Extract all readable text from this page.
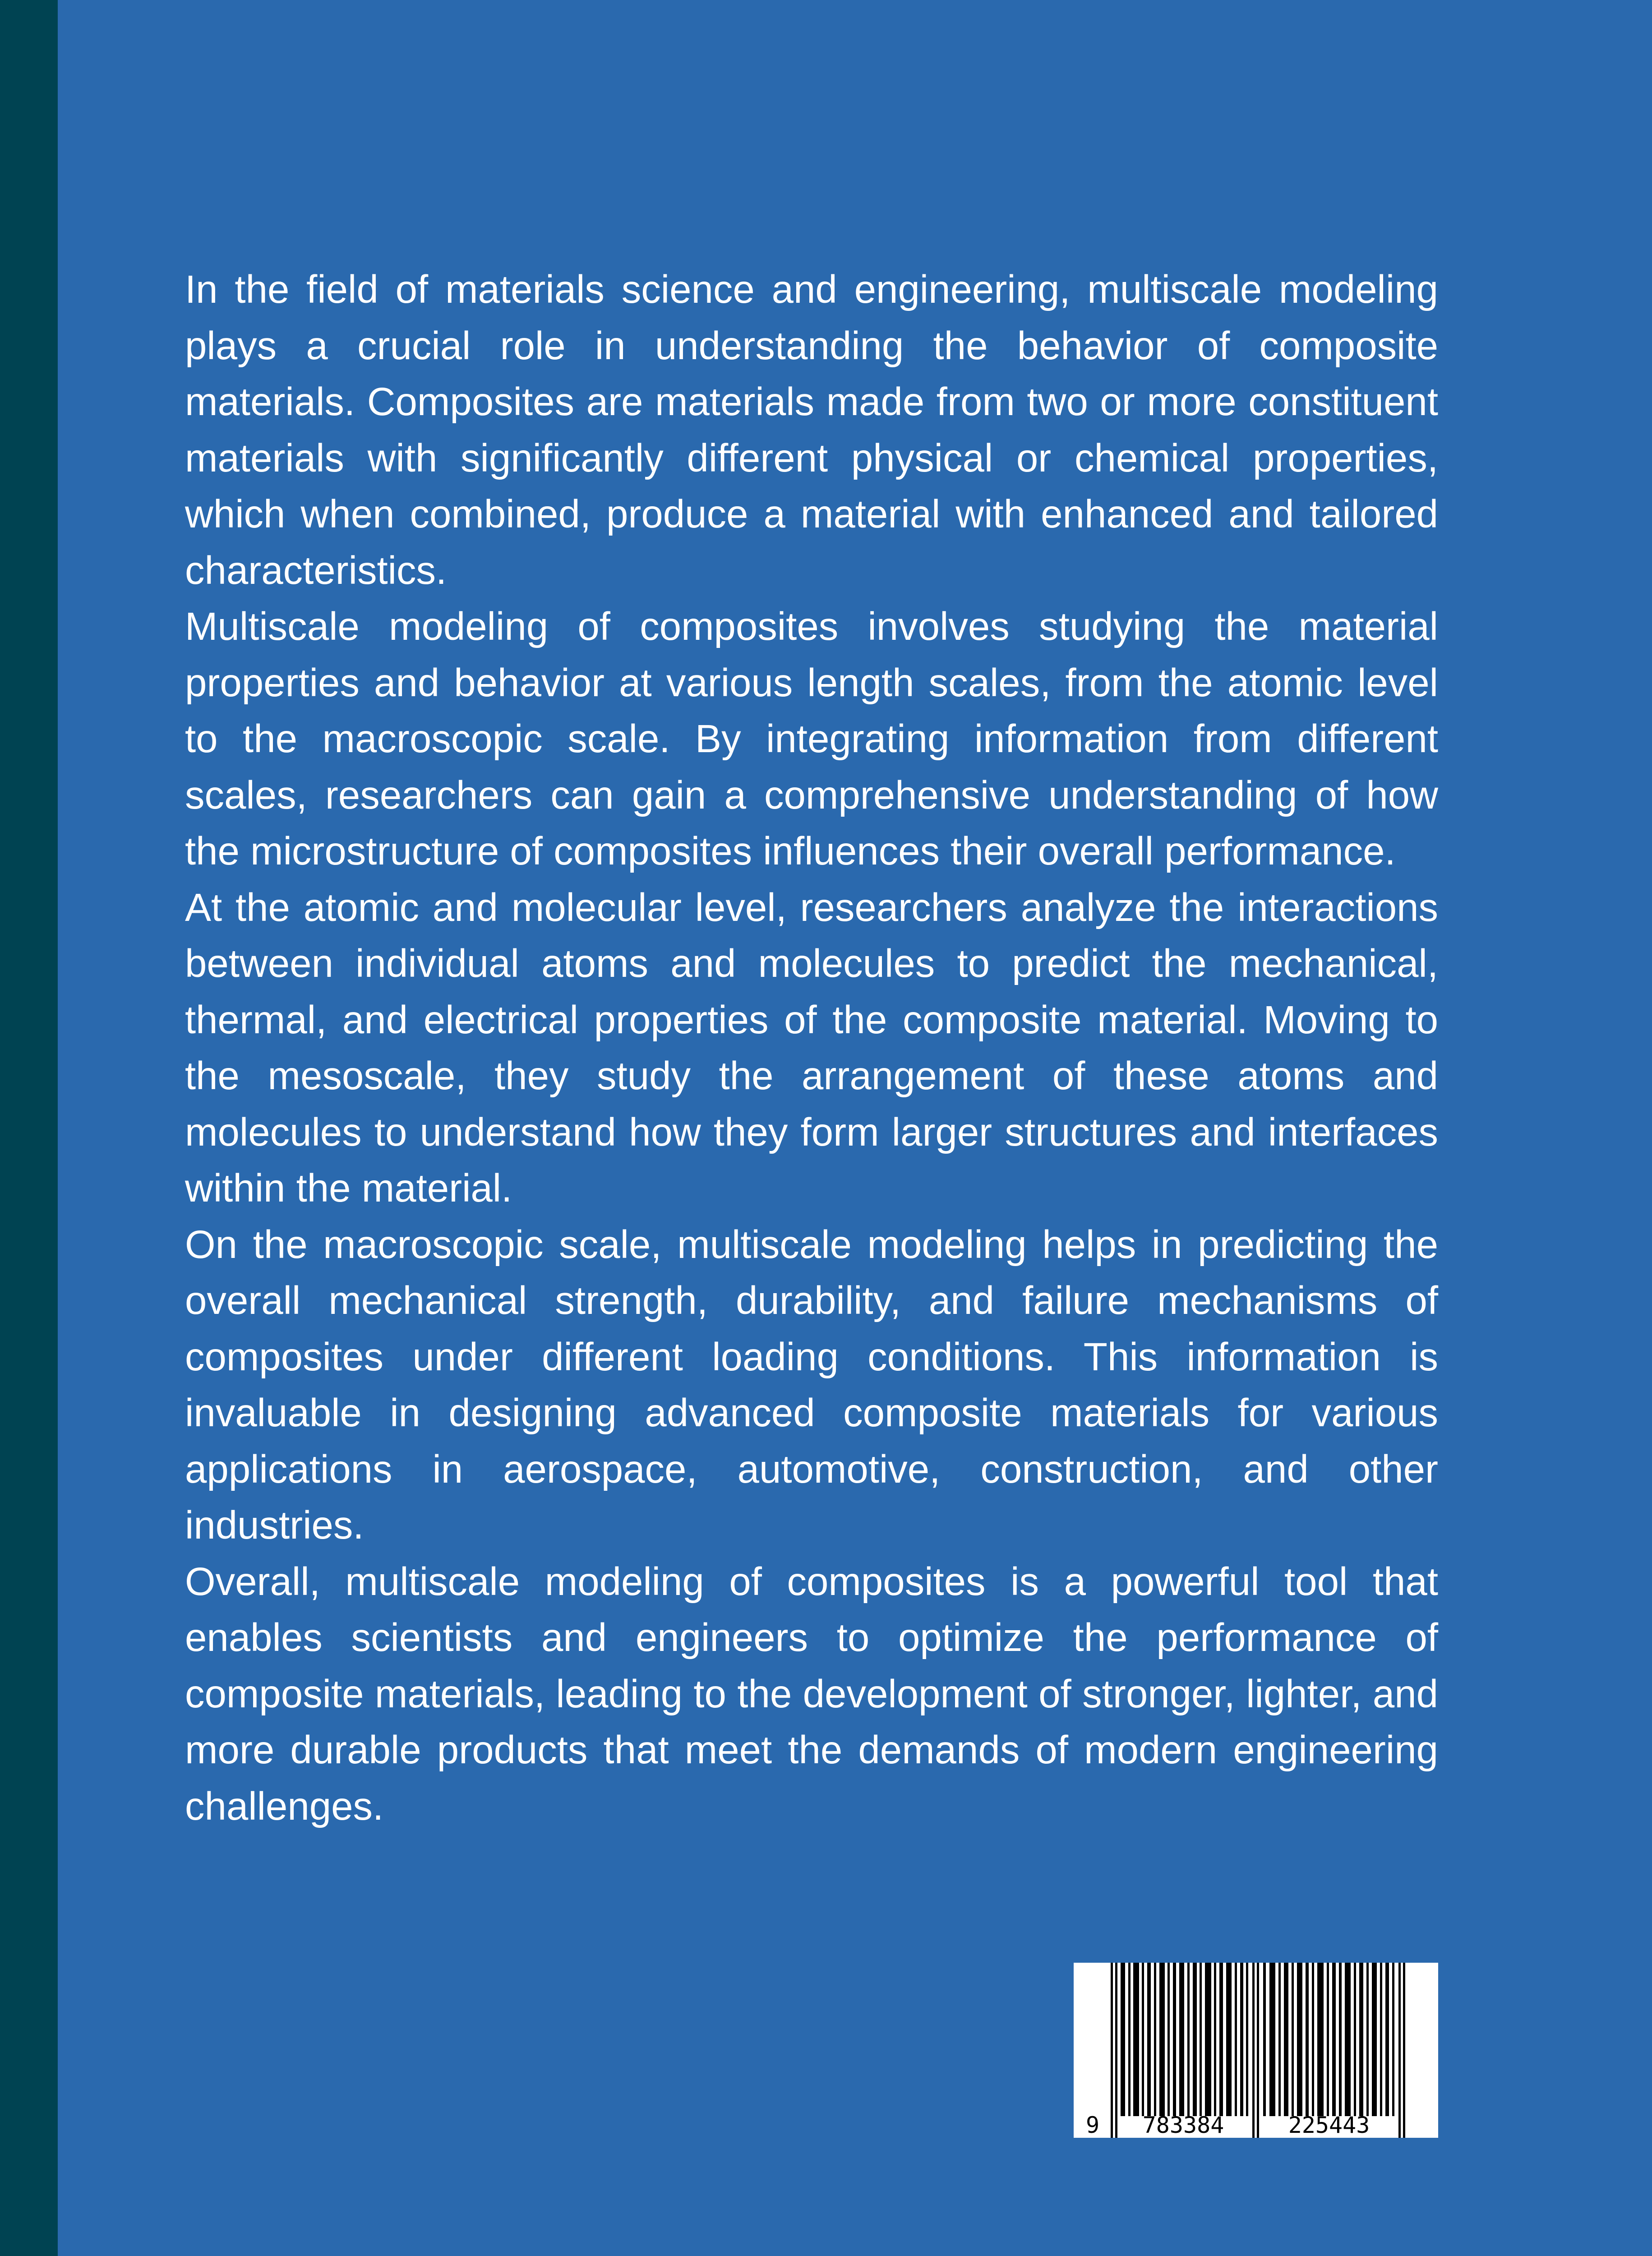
In the field of materials science and engineering, multiscale modeling plays a crucial role in understanding the behavior of composite materials. Composites are materials made from two or more constituent materials with significantly different physical or chemical properties, which when combined, produce a material with enhanced and tailored characteristics.

Multiscale modeling of composites involves studying the material properties and behavior at various length scales, from the atomic level to the macroscopic scale. By integrating information from different scales, researchers can gain a comprehensive understanding of how the microstructure of composites influences their overall performance.

At the atomic and molecular level, researchers analyze the interactions between individual atoms and molecules to predict the mechanical, thermal, and electrical properties of the composite material. Moving to the mesoscale, they study the arrangement of these atoms and molecules to understand how they form larger structures and interfaces within the material.

On the macroscopic scale, multiscale modeling helps in predicting the overall mechanical strength, durability, and failure mechanisms of composites under different loading conditions. This information is invaluable in designing advanced composite materials for various applications in aerospace, automotive, construction, and other industries.

Overall, multiscale modeling of composites is a powerful tool that enables scientists and engineers to optimize the performance of composite materials, leading to the development of stronger, lighter, and more durable products that meet the demands of modern engineering challenges.

9 783384	225443
